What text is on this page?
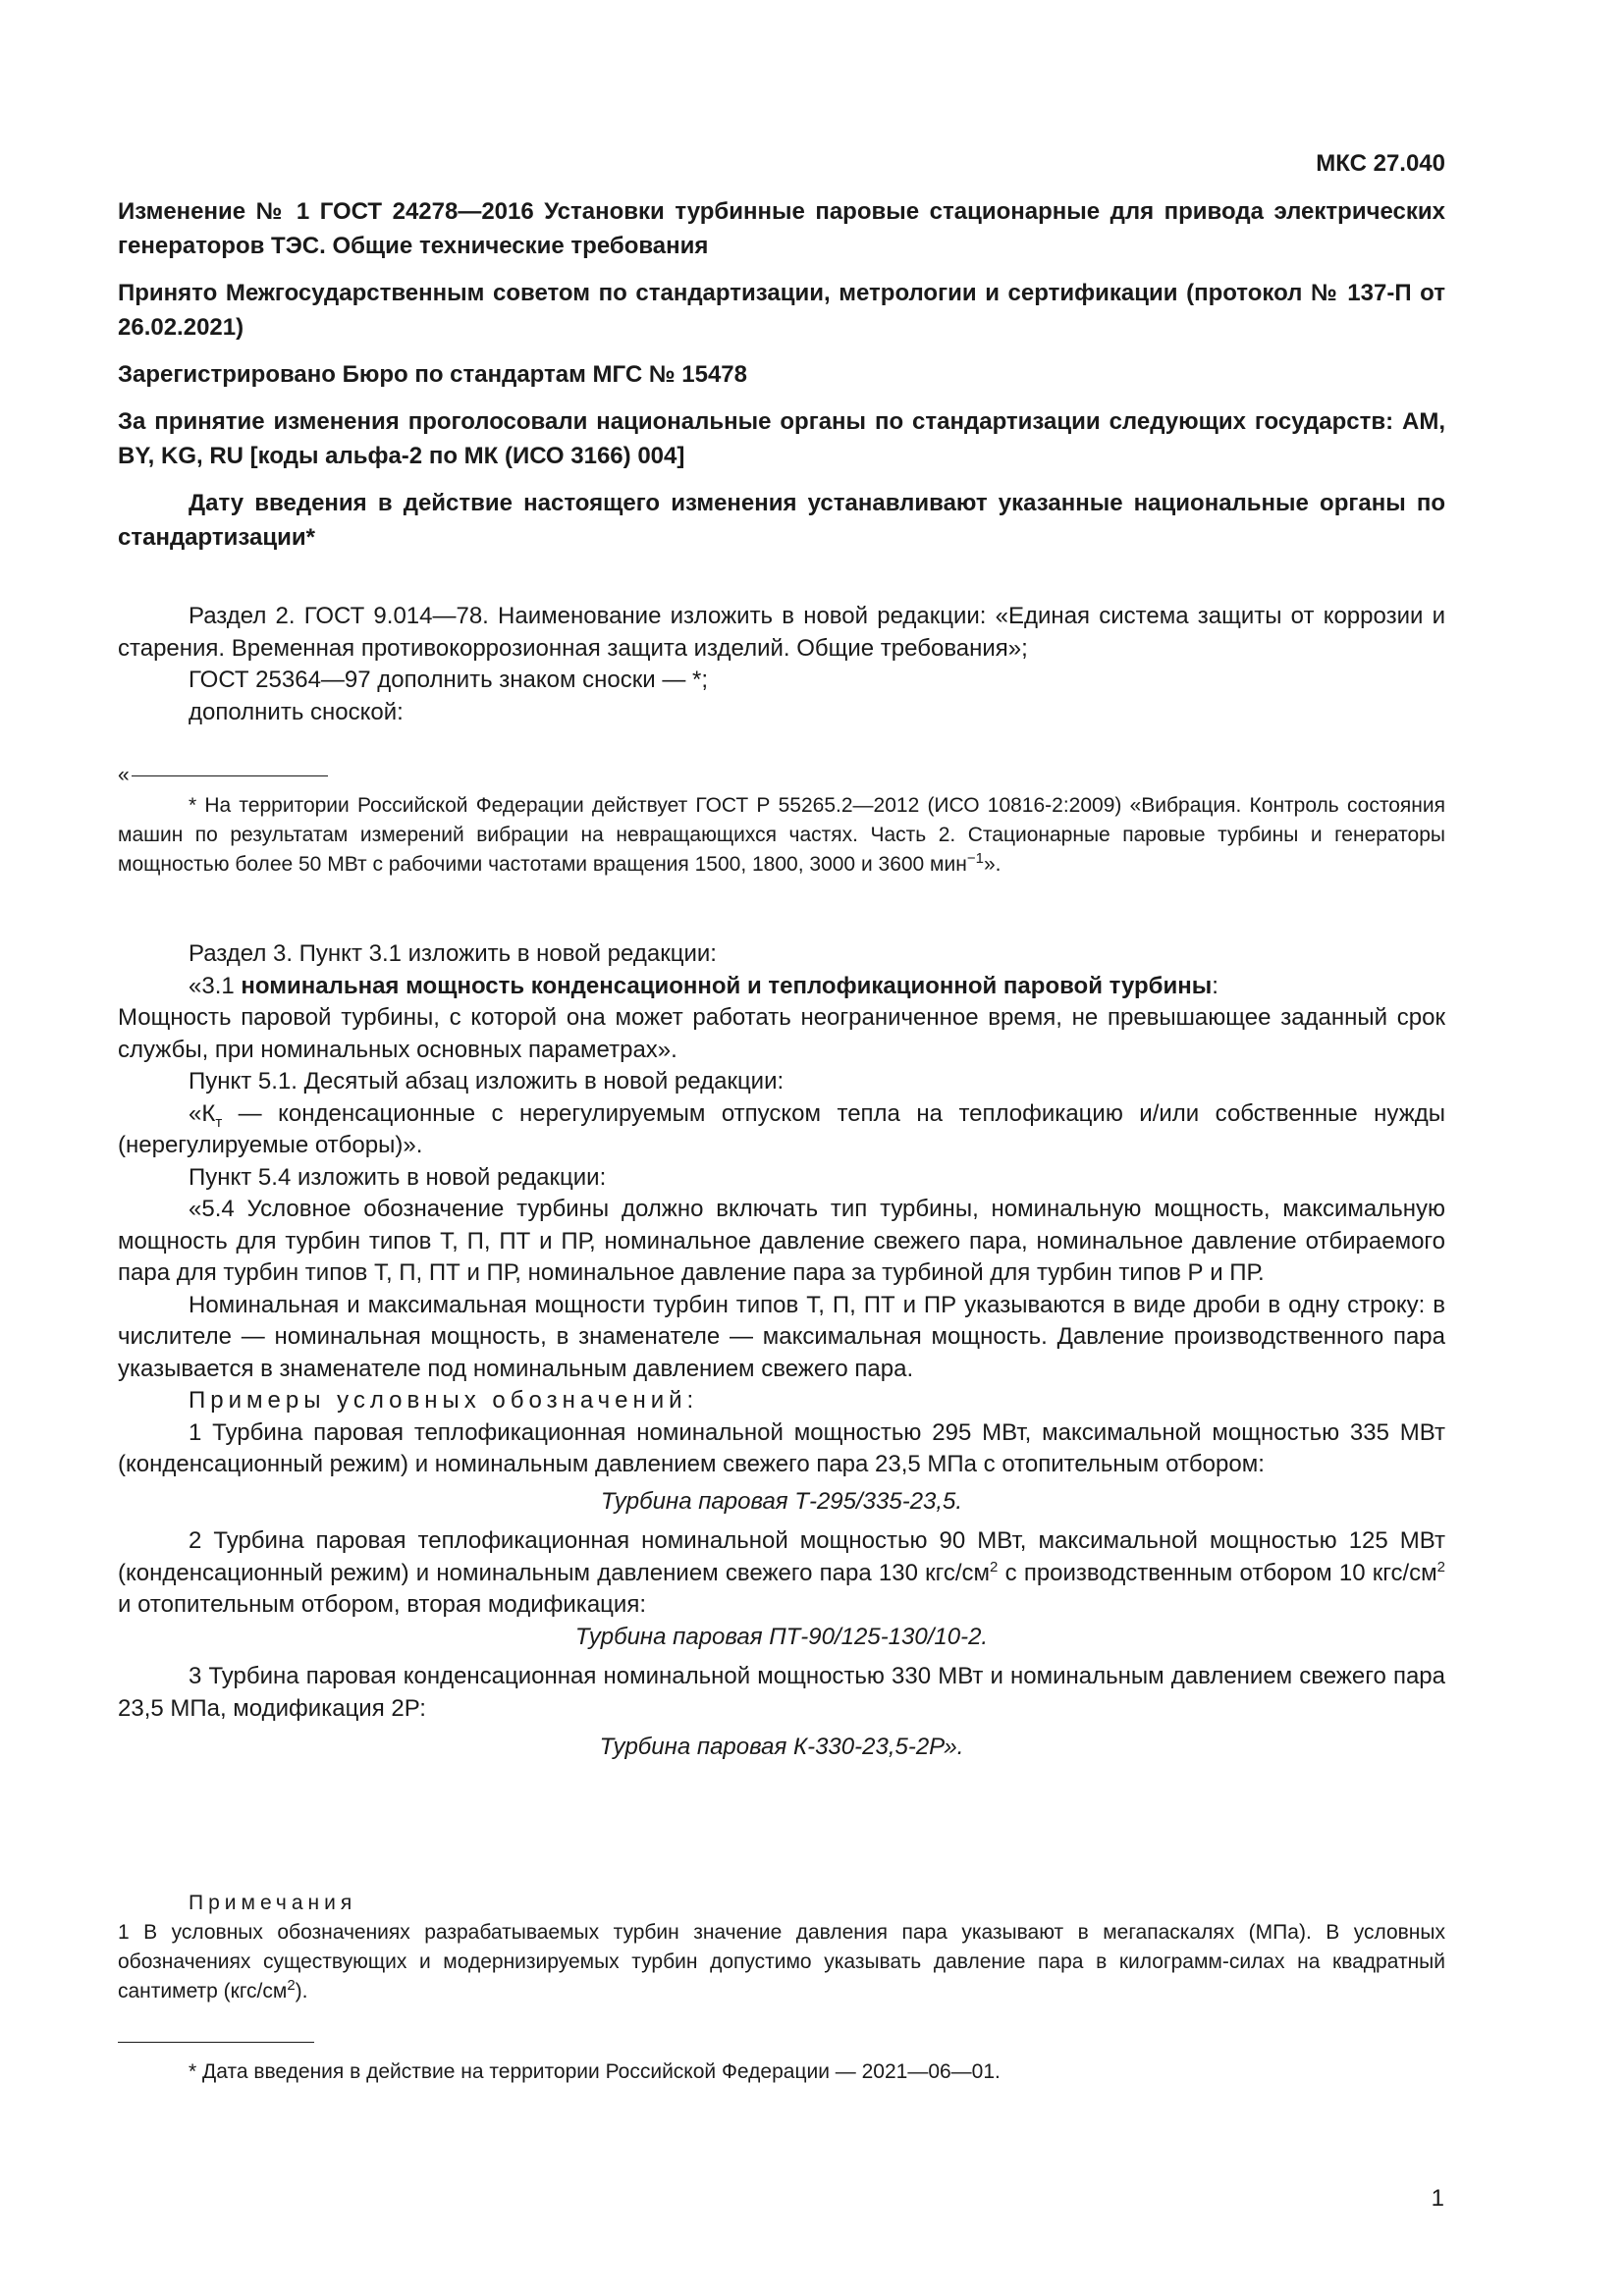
МКС 27.040

Изменение № 1 ГОСТ 24278—2016 Установки турбинные паровые стационарные для привода электрических генераторов ТЭС. Общие технические требования

Принято Межгосударственным советом по стандартизации, метрологии и сертификации (протокол № 137-П от 26.02.2021)

Зарегистрировано Бюро по стандартам МГС № 15478

За принятие изменения проголосовали национальные органы по стандартизации следующих государств: AM, BY, KG, RU [коды альфа-2 по МК (ИСО 3166) 004]

Дату введения в действие настоящего изменения устанавливают указанные национальные органы по стандартизации*

Раздел 2. ГОСТ 9.014—78. Наименование изложить в новой редакции: «Единая система защиты от коррозии и старения. Временная противокоррозионная защита изделий. Общие требования»;

ГОСТ 25364—97 дополнить знаком сноски — *;

дополнить сноской:

«

* На территории Российской Федерации действует ГОСТ Р 55265.2—2012 (ИСО 10816-2:2009) «Вибрация. Контроль состояния машин по результатам измерений вибрации на невращающихся частях. Часть 2. Стационарные паровые турбины и генераторы мощностью более 50 МВт с рабочими частотами вращения 1500, 1800, 3000 и 3600 мин$^{-1}$».

Раздел 3. Пункт 3.1 изложить в новой редакции:

«3.1 номинальная мощность конденсационной и теплофикационной паровой турбины:

Мощность паровой турбины, с которой она может работать неограниченное время, не превышающее заданный срок службы, при номинальных основных параметрах».

Пункт 5.1. Десятый абзац изложить в новой редакции:

«$К_т$ — конденсационные с нерегулируемым отпуском тепла на теплофикацию и/или собственные нужды (нерегулируемые отборы)».

Пункт 5.4 изложить в новой редакции:

«5.4 Условное обозначение турбины должно включать тип турбины, номинальную мощность, максимальную мощность для турбин типов Т, П, ПТ и ПР, номинальное давление свежего пара, номинальное давление отбираемого пара для турбин типов Т, П, ПТ и ПР, номинальное давление пара за турбиной для турбин типов Р и ПР.

Номинальная и максимальная мощности турбин типов Т, П, ПТ и ПР указываются в виде дроби в одну строку: в числителе — номинальная мощность, в знаменателе — максимальная мощность. Давление производственного пара указывается в знаменателе под номинальным давлением свежего пара.

Примеры условных обозначений:

1 Турбина паровая теплофикационная номинальной мощностью 295 МВт, максимальной мощностью 335 МВт (конденсационный режим) и номинальным давлением свежего пара 23,5 МПа с отопительным отбором:

Турбина паровая Т-295/335-23,5.

2 Турбина паровая теплофикационная номинальной мощностью 90 МВт, максимальной мощностью 125 МВт (конденсационный режим) и номинальным давлением свежего пара 130 кгс/$см^2$ с производственным отбором 10 кгс/$см^2$ и отопительным отбором, вторая модификация:

Турбина паровая ПТ-90/125-130/10-2.

3 Турбина паровая конденсационная номинальной мощностью 330 МВт и номинальным давлением свежего пара 23,5 МПа, модификация 2Р:

Турбина паровая К-330-23,5-2Р».

Примечания

1 В условных обозначениях разрабатываемых турбин значение давления пара указывают в мегапаскалях (МПа). В условных обозначениях существующих и модернизируемых турбин допустимо указывать давление пара в килограмм-силах на квадратный сантиметр $(кгс/см^2)$.

* Дата введения в действие на территории Российской Федерации — 2021—06—01.

1
